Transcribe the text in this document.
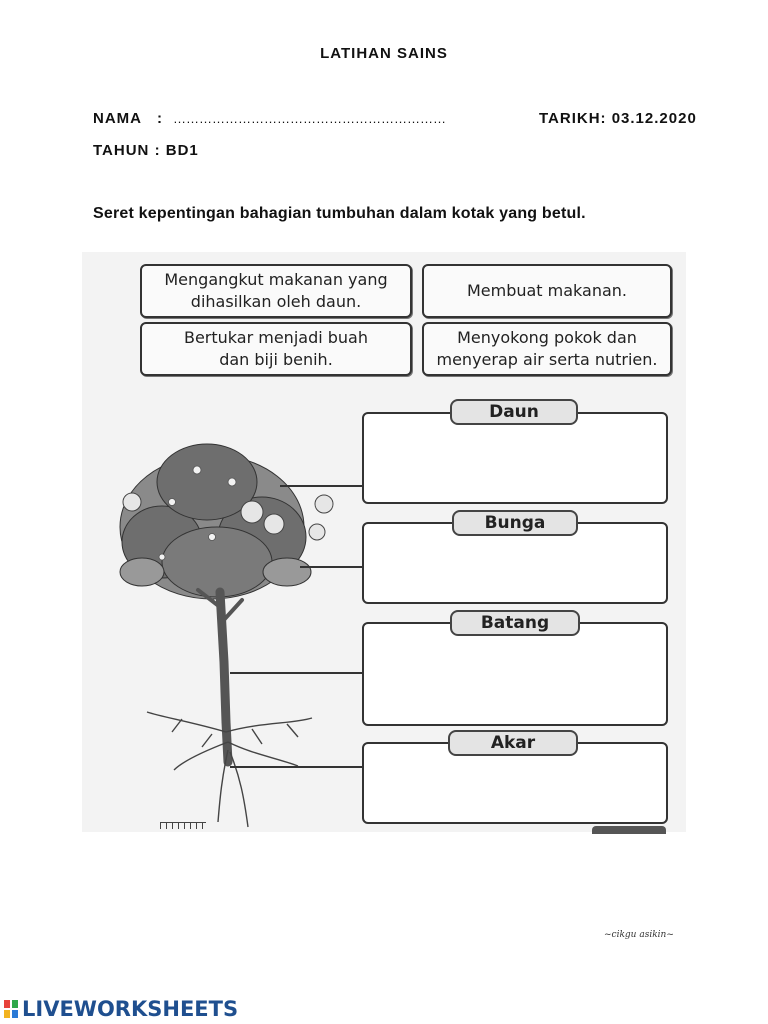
LATIHAN SAINS
NAMA : ………………………………………………………	TARIKH: 03.12.2020
TAHUN : BD1
Seret kepentingan bahagian tumbuhan dalam kotak yang betul.
Mengangkut makanan yang
dihasilkan oleh daun.
Membuat makanan.
Bertukar menjadi buah
dan biji benih.
Menyokong pokok dan
menyerap air serta nutrien.
Daun
Bunga
Batang
Akar
~cikgu asikin~
LIVEWORKSHEETS
